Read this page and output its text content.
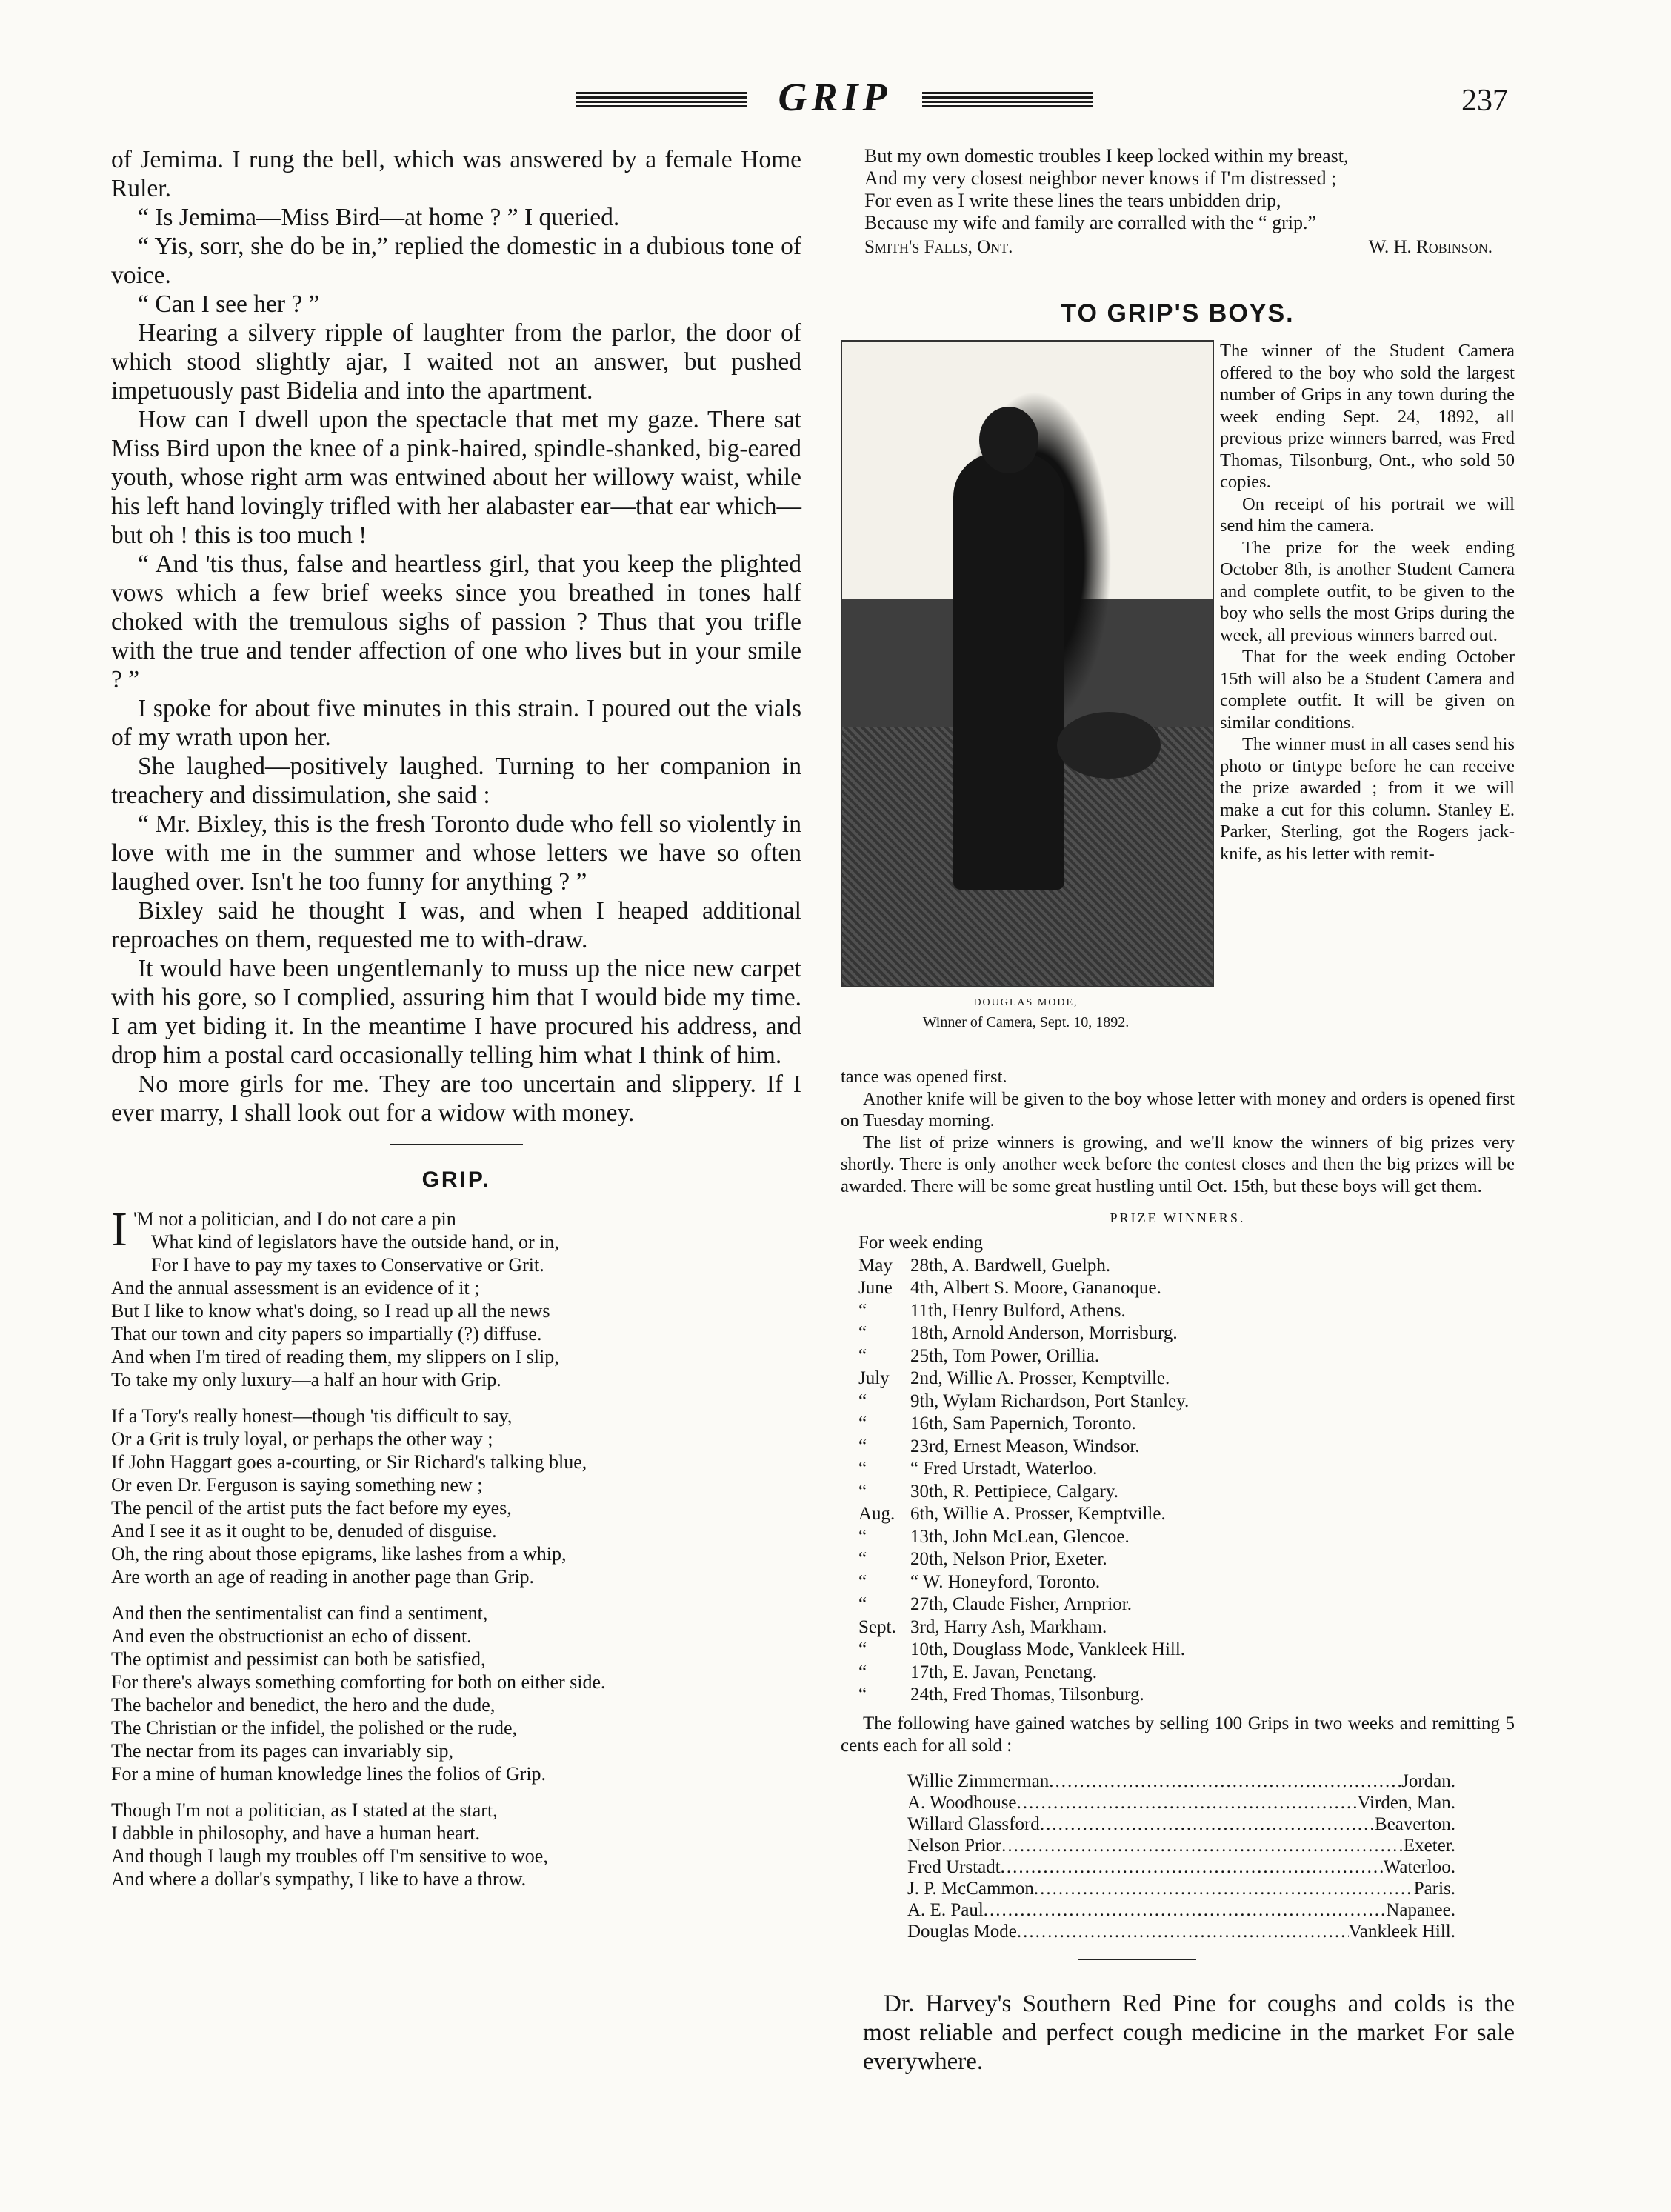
GRIP	237

of Jemima. I rung the bell, which was answered by a female Home Ruler.

“ Is Jemima—Miss Bird—at home ? ” I queried.

“ Yis, sorr, she do be in,” replied the domestic in a dubious tone of voice.

“ Can I see her ? ”

Hearing a silvery ripple of laughter from the parlor, the door of which stood slightly ajar, I waited not an answer, but pushed impetuously past Bidelia and into the apartment.

How can I dwell upon the spectacle that met my gaze. There sat Miss Bird upon the knee of a pink-haired, spindle-shanked, big-eared youth, whose right arm was entwined about her willowy waist, while his left hand lovingly trifled with her alabaster ear—that ear which—but oh ! this is too much !

“ And 'tis thus, false and heartless girl, that you keep the plighted vows which a few brief weeks since you breathed in tones half choked with the tremulous sighs of passion ? Thus that you trifle with the true and tender affection of one who lives but in your smile ? ”

I spoke for about five minutes in this strain. I poured out the vials of my wrath upon her.

She laughed—positively laughed. Turning to her companion in treachery and dissimulation, she said :

“ Mr. Bixley, this is the fresh Toronto dude who fell so violently in love with me in the summer and whose letters we have so often laughed over. Isn't he too funny for anything ? ”

Bixley said he thought I was, and when I heaped additional reproaches on them, requested me to with-draw.

It would have been ungentlemanly to muss up the nice new carpet with his gore, so I complied, assuring him that I would bide my time. I am yet biding it. In the meantime I have procured his address, and drop him a postal card occasionally telling him what I think of him.

No more girls for me. They are too uncertain and slippery. If I ever marry, I shall look out for a widow with money.

GRIP.
I 'M not a politician, and I do not care a pin
What kind of legislators have the outside hand, or in,
For I have to pay my taxes to Conservative or Grit.
And the annual assessment is an evidence of it ;
But I like to know what's doing, so I read up all the news
That our town and city papers so impartially (?) diffuse.
And when I'm tired of reading them, my slippers on I slip,
To take my only luxury—a half an hour with Grip.
If a Tory's really honest—though 'tis difficult to say,
Or a Grit is truly loyal, or perhaps the other way ;
If John Haggart goes a-courting, or Sir Richard's talking blue,
Or even Dr. Ferguson is saying something new ;
The pencil of the artist puts the fact before my eyes,
And I see it as it ought to be, denuded of disguise.
Oh, the ring about those epigrams, like lashes from a whip,
Are worth an age of reading in another page than Grip.
And then the sentimentalist can find a sentiment,
And even the obstructionist an echo of dissent.
The optimist and pessimist can both be satisfied,
For there's always something comforting for both on either side.
The bachelor and benedict, the hero and the dude,
The Christian or the infidel, the polished or the rude,
The nectar from its pages can invariably sip,
For a mine of human knowledge lines the folios of Grip.
Though I'm not a politician, as I stated at the start,
I dabble in philosophy, and have a human heart.
And though I laugh my troubles off I'm sensitive to woe,
And where a dollar's sympathy, I like to have a throw.
But my own domestic troubles I keep locked within my breast,
And my very closest neighbor never knows if I'm distressed ;
For even as I write these lines the tears unbidden drip,
Because my wife and family are corralled with the “ grip.”
Smith's Falls, Ont.	W. H. Robinson.
TO GRIP'S BOYS.
DOUGLAS MODE,
Winner of Camera, Sept. 10, 1892.

The winner of the Student Camera offered to the boy who sold the largest number of Grips in any town during the week ending Sept. 24, 1892, all previous prize winners barred, was Fred Thomas, Tilsonburg, Ont., who sold 50 copies.

On receipt of his portrait we will send him the camera.

The prize for the week ending October 8th, is another Student Camera and complete outfit, to be given to the boy who sells the most Grips during the week, all previous winners barred out.

That for the week ending October 15th will also be a Student Camera and complete outfit. It will be given on similar conditions.

The winner must in all cases send his photo or tintype before he can receive the prize awarded ; from it we will make a cut for this column. Stanley E. Parker, Sterling, got the Rogers jack-knife, as his letter with remit-

tance was opened first.

Another knife will be given to the boy whose letter with money and orders is opened first on Tuesday morning.

The list of prize winners is growing, and we'll know the winners of big prizes very shortly. There is only another week before the contest closes and then the big prizes will be awarded. There will be some great hustling until Oct. 15th, but these boys will get them.

PRIZE WINNERS.
For week ending
May 28th, A. Bardwell, Guelph.
June 4th, Albert S. Moore, Gananoque.
“	11th, Henry Bulford, Athens.
“	18th, Arnold Anderson, Morrisburg.
“	25th, Tom Power, Orillia.
July	2nd, Willie A. Prosser, Kemptville.
“	9th, Wylam Richardson, Port Stanley.
“	16th, Sam Papernich, Toronto.
“	23rd, Ernest Meason, Windsor.
“	“ Fred Urstadt, Waterloo.
“	30th, R. Pettipiece, Calgary.
Aug. 6th, Willie A. Prosser, Kemptville.
“	13th, John McLean, Glencoe.
“	20th, Nelson Prior, Exeter.
“	“ W. Honeyford, Toronto.
“	27th, Claude Fisher, Arnprior.
Sept. 3rd, Harry Ash, Markham.
“	10th, Douglass Mode, Vankleek Hill.
“	17th, E. Javan, Penetang.
“	24th, Fred Thomas, Tilsonburg.
The following have gained watches by selling 100 Grips in two weeks and remitting 5 cents each for all sold :
Willie Zimmerman .....	Jordan.
A. Woodhouse .....	Virden, Man.
Willard Glassford .....	Beaverton.
Nelson Prior .....	Exeter.
Fred Urstadt .....	Waterloo.
J. P. McCammon .....	Paris.
A. E. Paul .....	Napanee.
Douglas Mode .....	Vankleek Hill.
Dr. Harvey's Southern Red Pine for coughs and colds is the most reliable and perfect cough medicine in the market For sale everywhere.
